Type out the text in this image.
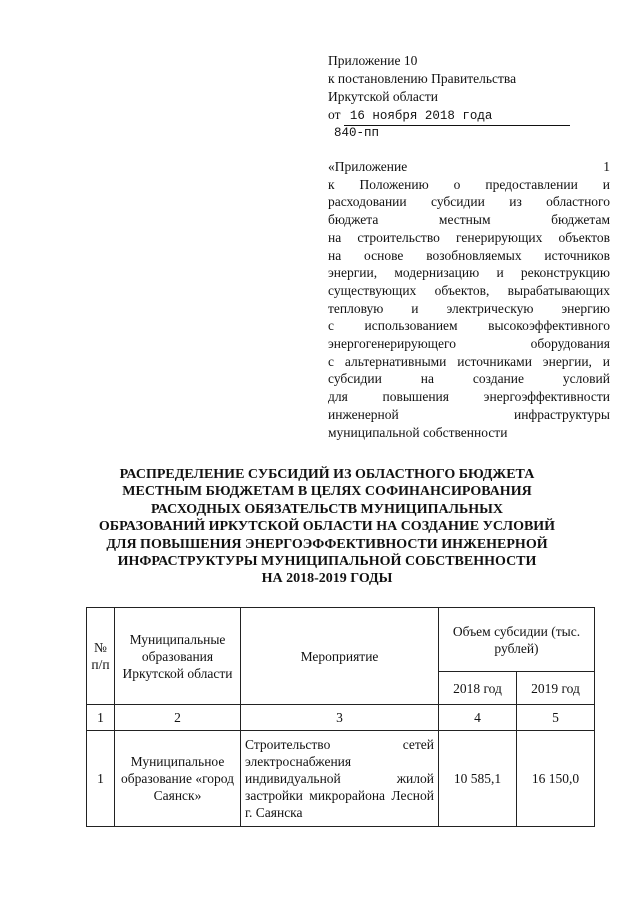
Приложение 10
к постановлению Правительства
Иркутской области
от 16 ноября 2018 года
840-пп
«Приложение 1
к Положению о предоставлении и
расходовании субсидии из областного
бюджета местным бюджетам
на строительство генерирующих объектов
на основе возобновляемых источников
энергии, модернизацию и реконструкцию
существующих объектов, вырабатывающих
тепловую и электрическую энергию
с использованием высокоэффективного
энергогенерирующего оборудования
с альтернативными источниками энергии, и
субсидии на создание условий
для повышения энергоэффективности
инженерной инфраструктуры
муниципальной собственности
РАСПРЕДЕЛЕНИЕ СУБСИДИЙ ИЗ ОБЛАСТНОГО БЮДЖЕТА
МЕСТНЫМ БЮДЖЕТАМ В ЦЕЛЯХ СОФИНАНСИРОВАНИЯ
РАСХОДНЫХ ОБЯЗАТЕЛЬСТВ МУНИЦИПАЛЬНЫХ
ОБРАЗОВАНИЙ ИРКУТСКОЙ ОБЛАСТИ НА СОЗДАНИЕ УСЛОВИЙ
ДЛЯ ПОВЫШЕНИЯ ЭНЕРГОЭФФЕКТИВНОСТИ ИНЖЕНЕРНОЙ
ИНФРАСТРУКТУРЫ МУНИЦИПАЛЬНОЙ СОБСТВЕННОСТИ
НА 2018-2019 ГОДЫ
№ п/п	Муниципальные образования Иркутской области	Мероприятие	Объем субсидии (тыс. рублей)	
			2018 год	2019 год
1	2	3	4	5
1	Муниципальное образование «город Саянск»	Строительство сетей электроснабжения индивидуальной жилой застройки микрорайона Лесной г. Саянска	10 585,1	16 150,0
